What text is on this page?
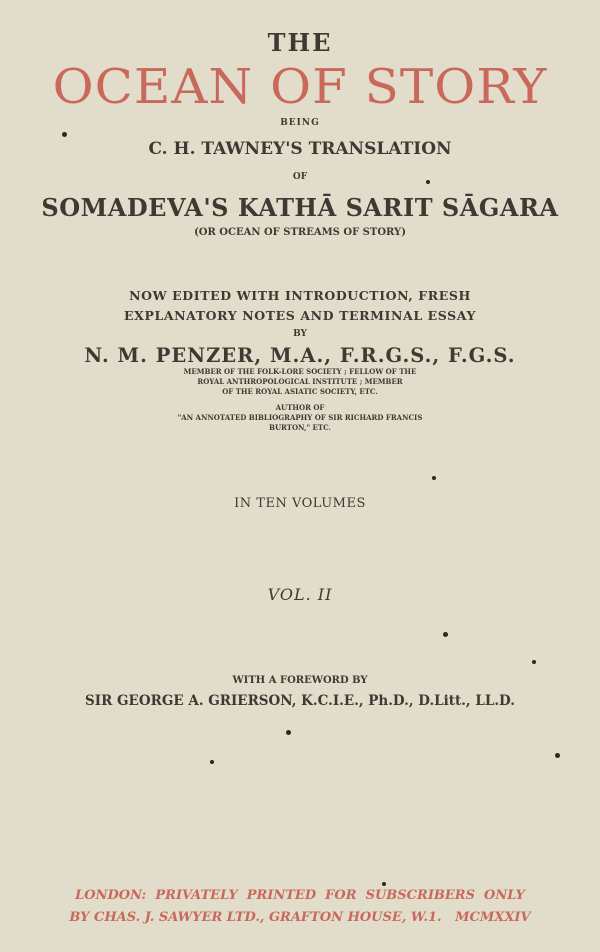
THE
OCEAN OF STORY
BEING
C. H. TAWNEY'S TRANSLATION
OF
SOMADEVA'S KATHĀ SARIT SĀGARA
(OR OCEAN OF STREAMS OF STORY)
NOW EDITED WITH INTRODUCTION, FRESH
EXPLANATORY NOTES AND TERMINAL ESSAY
BY
N. M. PENZER, M.A., F.R.G.S., F.G.S.
MEMBER OF THE FOLK-LORE SOCIETY ; FELLOW OF THE
ROYAL ANTHROPOLOGICAL INSTITUTE ; MEMBER
OF THE ROYAL ASIATIC SOCIETY, ETC.
AUTHOR OF
"AN ANNOTATED BIBLIOGRAPHY OF SIR RICHARD FRANCIS
BURTON," ETC.
IN TEN VOLUMES
VOL. II
WITH A FOREWORD BY
SIR GEORGE A. GRIERSON, K.C.I.E., Ph.D., D.Litt., LL.D.
LONDON:  PRIVATELY  PRINTED  FOR  SUBSCRIBERS  ONLY
BY CHAS. J. SAWYER LTD., GRAFTON HOUSE, W.1.   MCMXXIV
